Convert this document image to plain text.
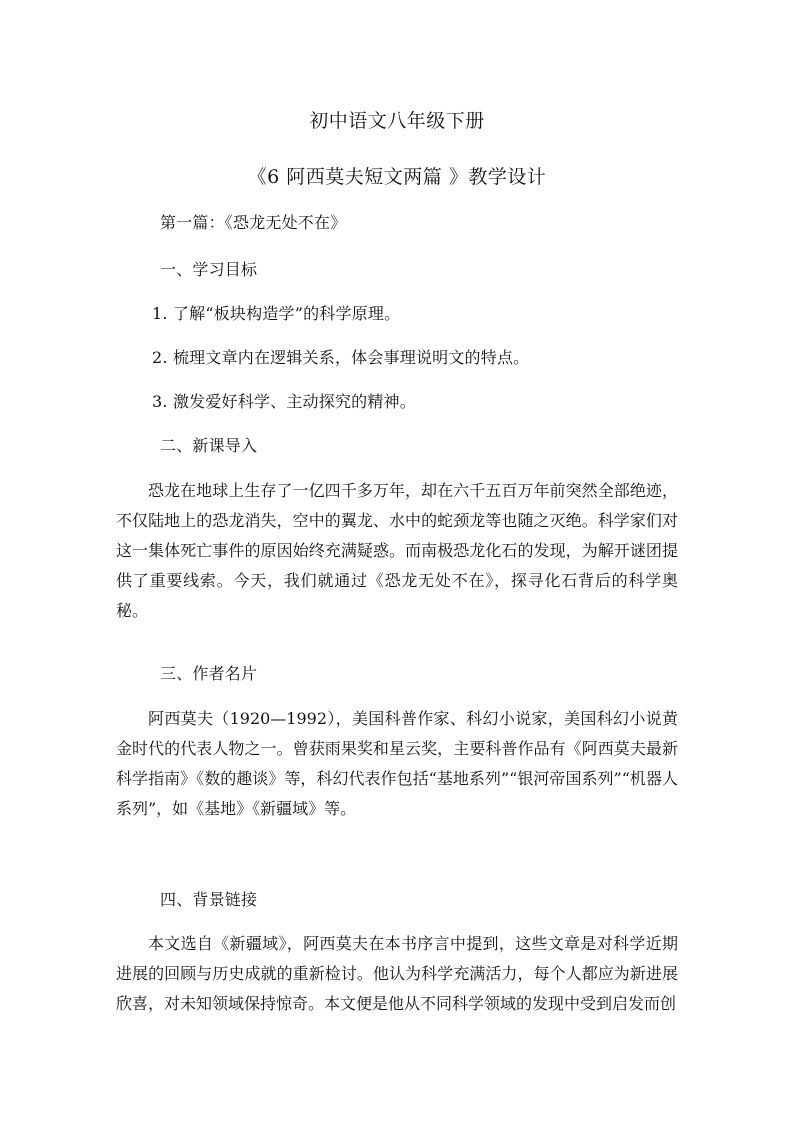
初中语文八年级下册
《6 阿西莫夫短文两篇 》教学设计
第一篇：《恐龙无处不在》
一、学习目标
1. 了解“板块构造学”的科学原理。
2. 梳理文章内在逻辑关系，体会事理说明文的特点。
3. 激发爱好科学、主动探究的精神。
二、新课导入

恐龙在地球上生存了一亿四千多万年，却在六千五百万年前突然全部绝迹，不仅陆地上的恐龙消失，空中的翼龙、水中的蛇颈龙等也随之灭绝。科学家们对这一集体死亡事件的原因始终充满疑惑。而南极恐龙化石的发现，为解开谜团提供了重要线索。今天，我们就通过《恐龙无处不在》，探寻化石背后的科学奥秘。

三、作者名片

阿西莫夫（1920—1992），美国科普作家、科幻小说家，美国科幻小说黄金时代的代表人物之一。曾获雨果奖和星云奖，主要科普作品有《阿西莫夫最新科学指南》《数的趣谈》等，科幻代表作包括“基地系列”“银河帝国系列”“机器人系列”，如《基地》《新疆域》等。

四、背景链接

本文选自《新疆域》，阿西莫夫在本书序言中提到，这些文章是对科学近期进展的回顾与历史成就的重新检讨。他认为科学充满活力，每个人都应为新进展欣喜，对未知领域保持惊奇。本文便是他从不同科学领域的发现中受到启发而创
